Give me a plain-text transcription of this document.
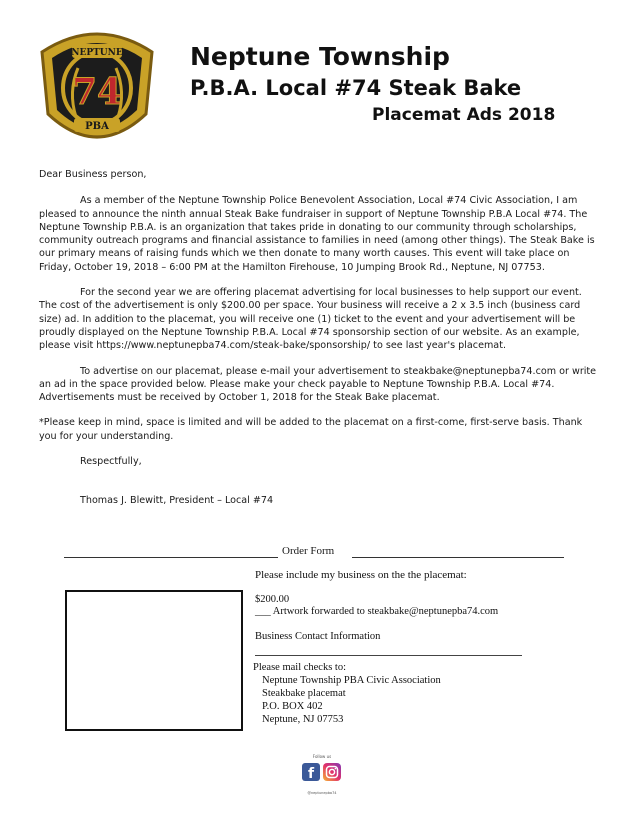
NEPTUNE
74
PBA
Neptune Township
P.B.A. Local #74 Steak Bake
Placemat Ads 2018

Dear Business person,

As a member of the Neptune Township Police Benevolent Association, Local #74 Civic Association, I am pleased to announce the ninth annual Steak Bake fundraiser in support of Neptune Township P.B.A Local #74. The Neptune Township P.B.A. is an organization that takes pride in donating to our community through scholarships, community outreach programs and financial assistance to families in need (among other things). The Steak Bake is our primary means of raising funds which we then donate to many worth causes. This event will take place on Friday, October 19, 2018 – 6:00 PM at the Hamilton Firehouse, 10 Jumping Brook Rd., Neptune, NJ 07753.

For the second year we are offering placemat advertising for local businesses to help support our event. The cost of the advertisement is only $200.00 per space. Your business will receive a 2 x 3.5 inch (business card size) ad. In addition to the placemat, you will receive one (1) ticket to the event and your advertisement will be proudly displayed on the Neptune Township P.B.A. Local #74 sponsorship section of our website. As an example, please visit https://www.neptunepba74.com/steak-bake/sponsorship/ to see last year's placemat.

To advertise on our placemat, please e-mail your advertisement to steakbake@neptunepba74.com or write an ad in the space provided below. Please make your check payable to Neptune Township P.B.A. Local #74. Advertisements must be received by October 1, 2018 for the Steak Bake placemat.

*Please keep in mind, space is limited and will be added to the placemat on a first-come, first-serve basis. Thank you for your understanding.

Respectfully,

Thomas J. Blewitt, President – Local #74

Order Form
Please include my business on the the placemat:
$200.00
___ Artwork forwarded to steakbake@neptunepba74.com
Business Contact Information
Please mail checks to:
Neptune Township PBA Civic Association
Steakbake placemat
P.O. BOX 402
Neptune, NJ 07753
Follow us
f
@neptunepba74
